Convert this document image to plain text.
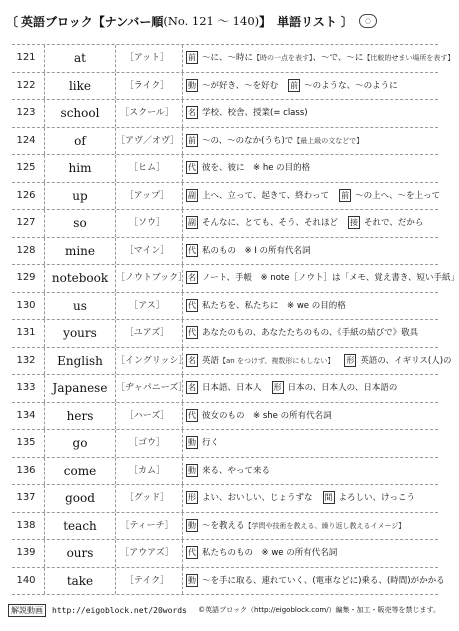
〔 英語ブロック【ナンバー順 (No. 121 〜 140) 】 単語リスト 〕	◌
121	at	［アット］	前 〜に、〜時に【時の一点を表す】、〜で、〜に【比較的せまい場所を表す】
122	like	［ライク］	動 〜が好き、〜を好む 前 〜のような、〜のように
123	school	［スクール］	名 学校、校舎、授業(= class)
124	of	［アヴ／オヴ］	前 〜の、〜のなか(うち)で【最上級の文などで】
125	him	［ヒム］	代 彼を、彼に　※ he の目的格
126	up	［アップ］	副 上へ、立って、起きて、終わって 前 〜の上へ、〜を上って
127	so	［ソウ］	副 そんなに、とても、そう、それほど 接 それで、だから
128	mine	［マイン］	代 私のもの　※ I の所有代名詞
129	notebook ［ノウトブック］ 名 ノート、手帳　※ note［ノウト］は「メモ、覚え書き、短い手紙」
130	us	［アス］	代 私たちを、私たちに　※ we の目的格
131	yours	［ユアズ］	代 あなたのもの、あなたたちのもの、《手紙の結びで》敬具
132	English	［イングリッシ］ 名 英語【an をつけず、複数形にもしない】 形 英語の、イギリス(人)の
133	Japanese ［ヂャパニーズ］ 名 日本語、日本人 形 日本の、日本人の、日本語の
134	hers	［ハーズ］	代 彼女のもの　※ she の所有代名詞
135	go	［ゴウ］	動 行く
136	come	［カム］	動 来る、やって来る
137	good	［グッド］	形 よい、おいしい、じょうずな 間 よろしい、けっこう
138	teach	［ティーチ］	動 〜を教える【学問や技術を教える、繰り返し教えるイメージ】
139	ours	［アウアズ］	代 私たちのもの　※ we の所有代名詞
140	take	［テイク］	動 〜を手に取る、連れていく、(電車などに)乗る、(時間)がかかる
解説動画	http://eigoblock.net/20words ©英語ブロック（http://eigoblock.com/）編集・加工・販売等を禁じます。
